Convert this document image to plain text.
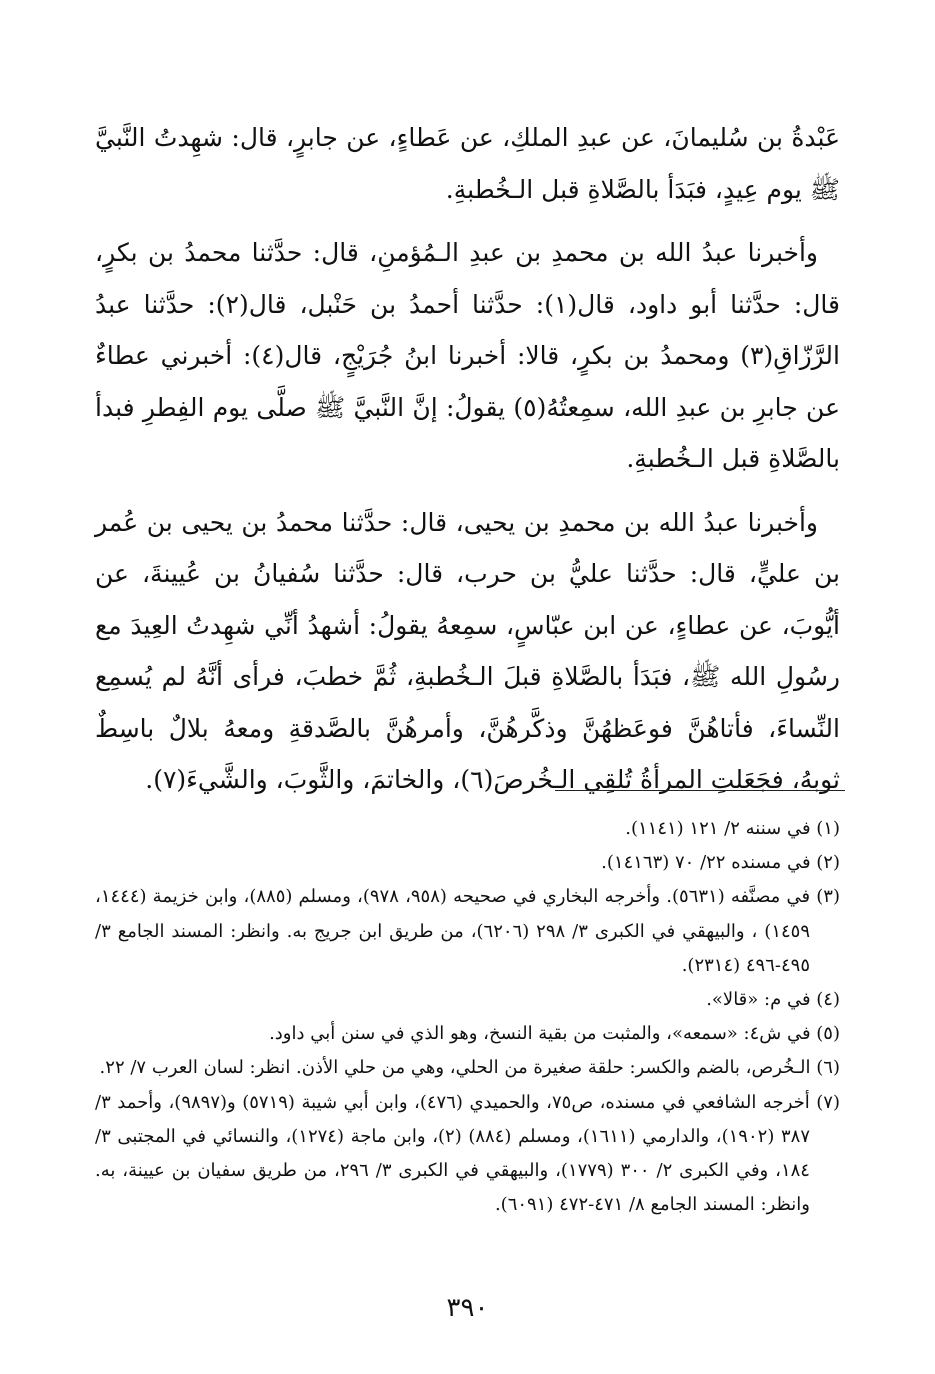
عَبْدةُ بن سُليمانَ، عن عبدِ الملكِ، عن عَطاءٍ، عن جابرٍ، قال: شهِدتُ النَّبيَّ ﷺ يوم عِيدٍ، فبَدَأ بالصَّلاةِ قبل الـخُطبةِ.

وأخبرنا عبدُ الله بن محمدِ بن عبدِ الـمُؤمنِ، قال: حدَّثنا محمدُ بن بكرٍ، قال: حدَّثنا أبو داود، قال(١): حدَّثنا أحمدُ بن حَنْبل، قال(٢): حدَّثنا عبدُ الرَّزّاقِ(٣) ومحمدُ بن بكرٍ، قالا: أخبرنا ابنُ جُرَيْجٍ، قال(٤): أخبرني عطاءٌ عن جابرِ بن عبدِ الله، سمِعتُهُ(٥) يقولُ: إنَّ النَّبيَّ ﷺ صلَّى يوم الفِطرِ فبدأ بالصَّلاةِ قبل الـخُطبةِ.

وأخبرنا عبدُ الله بن محمدِ بن يحيى، قال: حدَّثنا محمدُ بن يحيى بن عُمر بن عليٍّ، قال: حدَّثنا عليُّ بن حرب، قال: حدَّثنا سُفيانُ بن عُيينةَ، عن أيُّوبَ، عن عطاءٍ، عن ابن عبّاسٍ، سمِعهُ يقولُ: أشهدُ أنِّي شهِدتُ العِيدَ مع رسُولِ الله ﷺ، فبَدَأ بالصَّلاةِ قبلَ الـخُطبةِ، ثُمَّ خطبَ، فرأى أنَّهُ لم يُسمِع النِّساءَ، فأتاهُنَّ فوعَظهُنَّ وذكَّرهُنَّ، وأمرهُنَّ بالصَّدقةِ ومعهُ بلالٌ باسِطٌ ثوبهُ، فجَعَلتِ المرأةُ تُلقِي الـخُرصَ(٦)، والخاتمَ، والثَّوبَ، والشَّيءَ(٧).

(١) في سننه ٢/ ١٢١ (١١٤١).

(٢) في مسنده ٢٢/ ٧٠ (١٤١٦٣).

(٣) في مصنَّفه (٥٦٣١). وأخرجه البخاري في صحيحه (٩٥٨، ٩٧٨)، ومسلم (٨٨٥)، وابن خزيمة (١٤٤٤، ١٤٥٩) ، والبيهقي في الكبرى ٣/ ٢٩٨ (٦٢٠٦)، من طريق ابن جريج به. وانظر: المسند الجامع ٣/ ٤٩٥-٤٩٦ (٢٣١٤).

(٤) في م: «قالا».

(٥) في ش٤: «سمعه»، والمثبت من بقية النسخ، وهو الذي في سنن أبي داود.

(٦) الـخُرص، بالضم والكسر: حلقة صغيرة من الحلي، وهي من حلي الأذن. انظر: لسان العرب ٧/ ٢٢.

(٧) أخرجه الشافعي في مسنده، ص٧٥، والحميدي (٤٧٦)، وابن أبي شيبة (٥٧١٩) و(٩٨٩٧)، وأحمد ٣/ ٣٨٧ (١٩٠٢)، والدارمي (١٦١١)، ومسلم (٨٨٤) (٢)، وابن ماجة (١٢٧٤)، والنسائي في المجتبى ٣/ ١٨٤، وفي الكبرى ٢/ ٣٠٠ (١٧٧٩)، والبيهقي في الكبرى ٣/ ٢٩٦، من طريق سفيان بن عيينة، به. وانظر: المسند الجامع ٨/ ٤٧١-٤٧٢ (٦٠٩١).

٣٩٠
